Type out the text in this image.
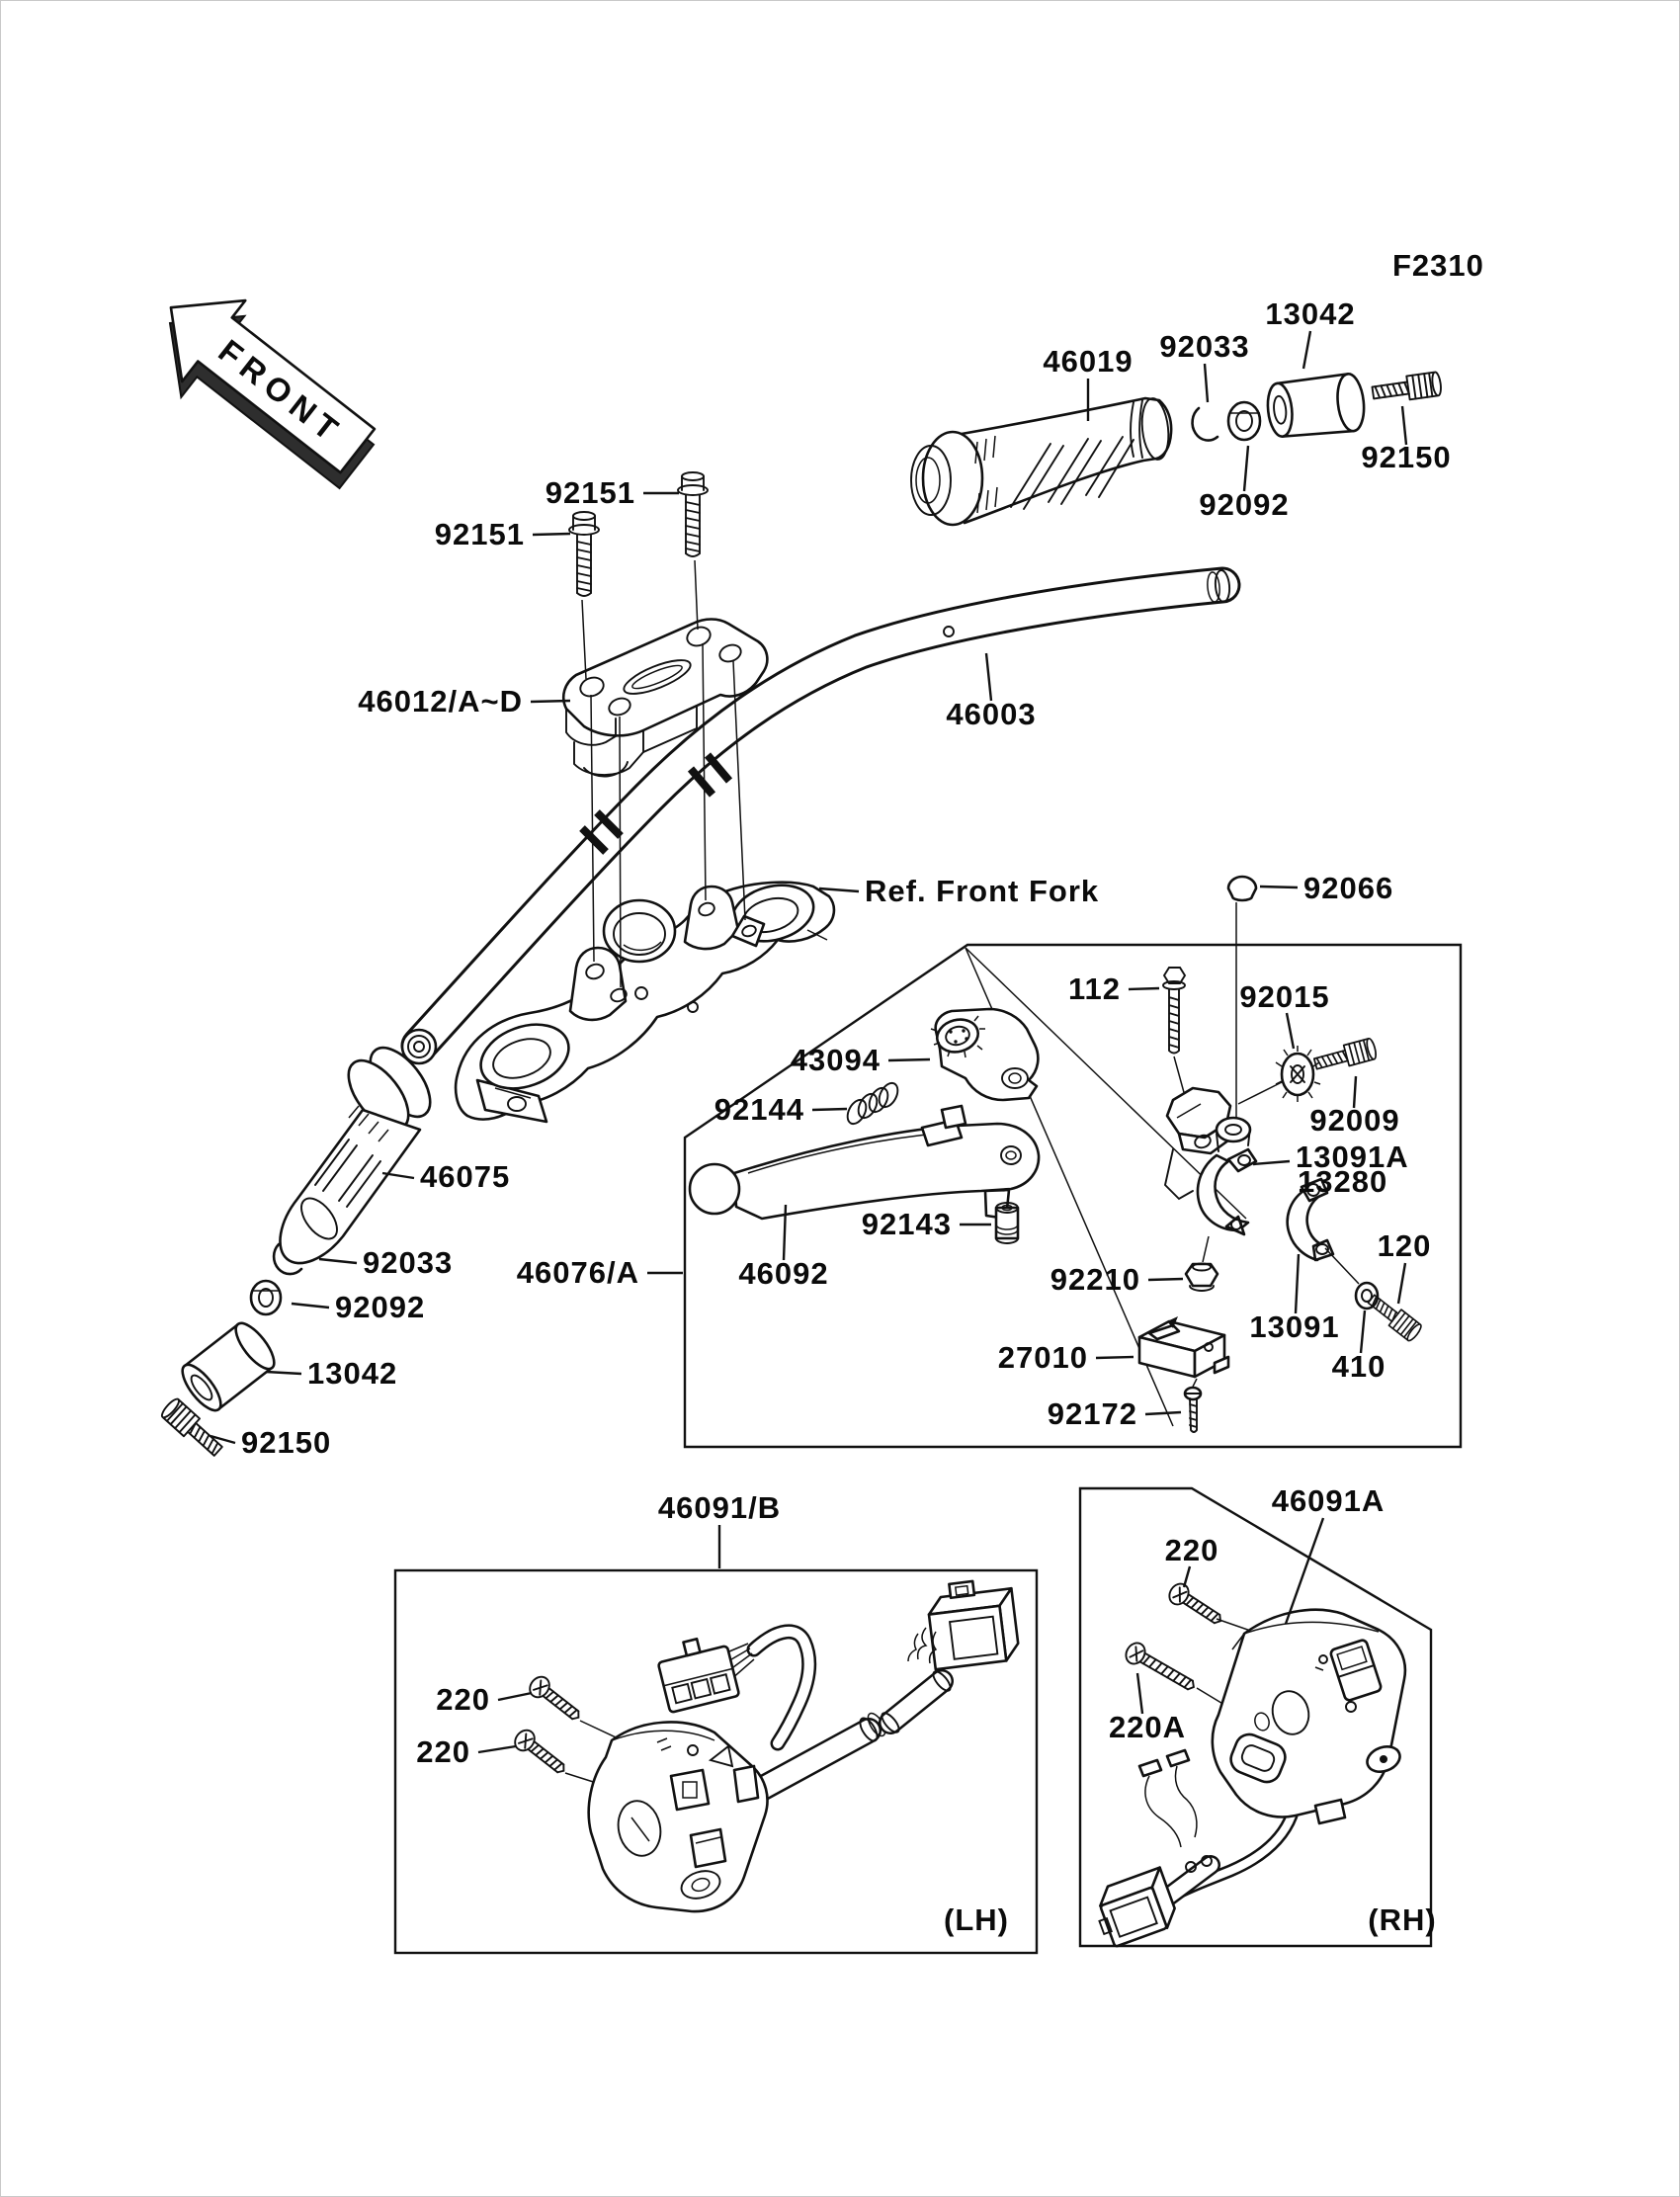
FRONT
F2310
46019 92033
13042
92092
92150
92151
92151
46012/A~D	46003
Ref. Front Fork	92066
112	92015
92009
13091A
13280
43094
92144
46092
92143
92210
13091
410
120
27010
92172
46076/A
46075
92033
92092
13042
92150
46091/B
220
220
(LH)
46091A
220
220A
(RH)
